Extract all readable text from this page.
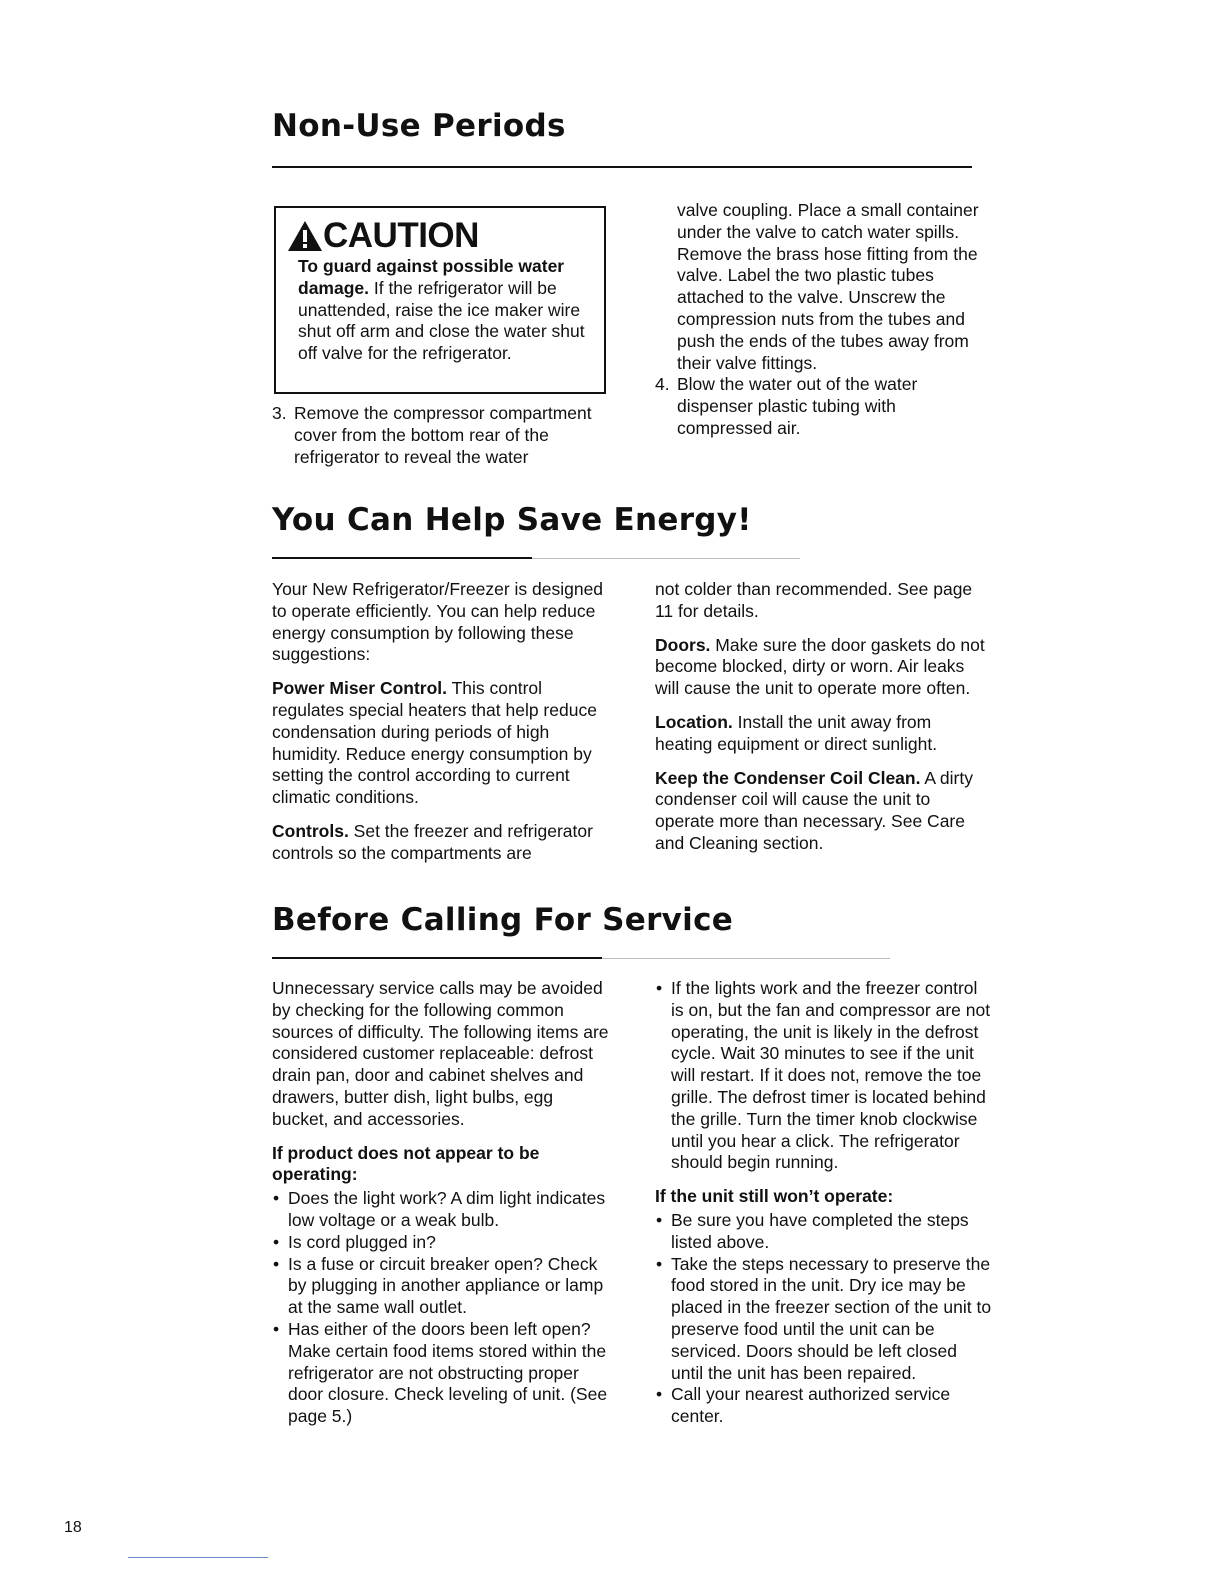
Non-Use Periods
CAUTION
To guard against possible water damage. If the refrigerator will be unattended, raise the ice maker wire shut off arm and close the water shut off valve for the refrigerator.
3. Remove the compressor compartment cover from the bottom rear of the refrigerator to reveal the water
valve coupling. Place a small container under the valve to catch water spills. Remove the brass hose fitting from the valve. Label the two plastic tubes attached to the valve. Unscrew the compression nuts from the tubes and push the ends of the tubes away from their valve fittings.
4. Blow the water out of the water dispenser plastic tubing with compressed air.
You Can Help Save Energy!

Your New Refrigerator/Freezer is designed to operate efficiently. You can help reduce energy consumption by following these suggestions:

Power Miser Control. This control regulates special heaters that help reduce condensation during periods of high humidity. Reduce energy consumption by setting the control according to current climatic conditions.

Controls. Set the freezer and refrigerator controls so the compartments are

not colder than recommended. See page 11 for details.

Doors. Make sure the door gaskets do not become blocked, dirty or worn. Air leaks will cause the unit to operate more often.

Location. Install the unit away from heating equipment or direct sunlight.

Keep the Condenser Coil Clean. A dirty condenser coil will cause the unit to operate more than necessary. See Care and Cleaning section.

Before Calling For Service

Unnecessary service calls may be avoided by checking for the following common sources of difficulty. The following items are considered customer replaceable: defrost drain pan, door and cabinet shelves and drawers, butter dish, light bulbs, egg bucket, and accessories.

If product does not appear to be operating:
• Does the light work? A dim light indicates low voltage or a weak bulb.
• Is cord plugged in?
• Is a fuse or circuit breaker open? Check by plugging in another appliance or lamp at the same wall outlet.
• Has either of the doors been left open? Make certain food items stored within the refrigerator are not obstructing proper door closure. Check leveling of unit. (See page 5.)
• If the lights work and the freezer control is on, but the fan and compressor are not operating, the unit is likely in the defrost cycle. Wait 30 minutes to see if the unit will restart. If it does not, remove the toe grille. The defrost timer is located behind the grille. Turn the timer knob clockwise until you hear a click. The refrigerator should begin running.
If the unit still won’t operate:
• Be sure you have completed the steps listed above.
• Take the steps necessary to preserve the food stored in the unit. Dry ice may be placed in the freezer section of the unit to preserve food until the unit can be serviced. Doors should be left closed until the unit has been repaired.
• Call your nearest authorized service center.
18
